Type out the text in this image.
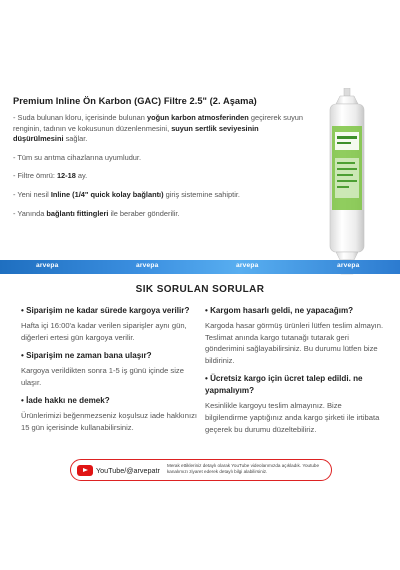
Premium Inline Ön Karbon (GAC) Filtre 2.5" (2. Aşama)

- Suda bulunan kloru, içerisinde bulunan yoğun karbon atmosferinden geçirerek suyun renginin, tadının ve kokusunun düzenlenmesini, suyun sertlik seviyesinin düşürülmesini sağlar.

- Tüm su arıtma cihazlarına uyumludur.

- Filtre ömrü: 12-18 ay.

- Yeni nesil Inline (1/4" quick kolay bağlantı) giriş sistemine sahiptir.

- Yanında bağlantı fittingleri ile beraber gönderilir.

arvepa	arvepa	arvepa	arvepa
SIK SORULAN SORULAR
• Siparişim ne kadar sürede kargoya verilir?
Hafta içi 16:00'a kadar verilen siparişler aynı gün, diğerleri ertesi gün kargoya verilir.
• Siparişim ne zaman bana ulaşır?
Kargoya verildikten sonra 1-5 iş günü içinde size ulaşır.
• İade hakkı ne demek?
Ürünlerimizi beğenmezseniz koşulsuz iade hakkınızı 15 gün içerisinde kullanabilirsiniz.
• Kargom hasarlı geldi, ne yapacağım?
Kargoda hasar görmüş ürünleri lütfen teslim almayın. Teslimat anında kargo tutanağı tutarak geri gönderimini sağlayabilirsiniz. Bu durumu lütfen bize bildiriniz.
• Ücretsiz kargo için ücret talep edildi. ne yapmalıyım?
Kesinlikle kargoyu teslim almayınız. Bize bilgilendirme yaptığınız anda kargo şirketi ile irtibata geçerek bu durumu düzeltebiliriz.
YouTube/@arvepatr
Merak ettikleriniz detaylı olarak YouTube videolarımızda açıkladık. Youtube kanalımızı ziyaret ederek detaylı bilgi alabilirsiniz.
